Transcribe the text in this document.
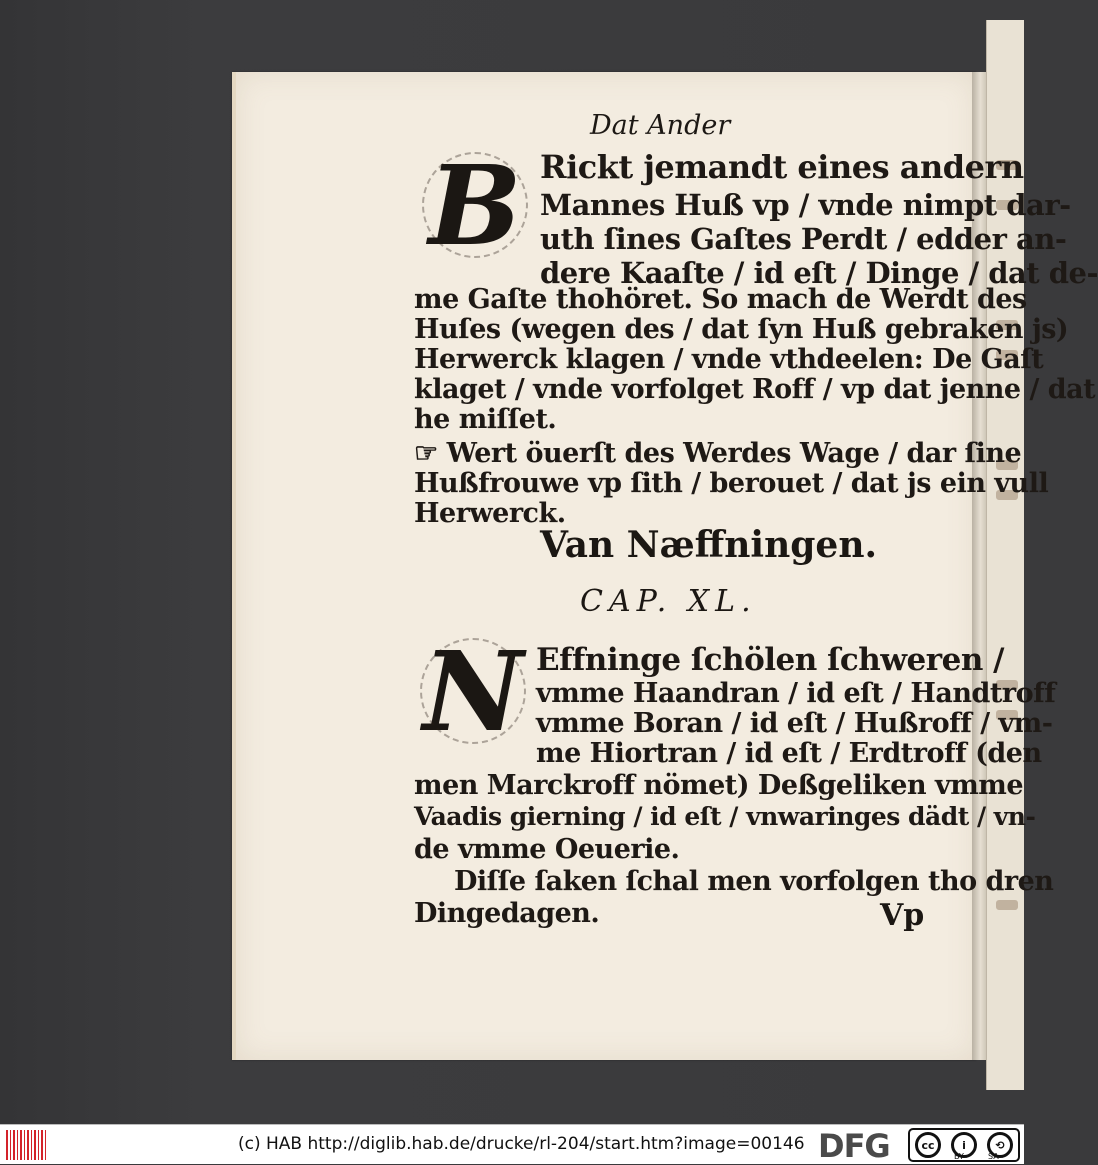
Dat Ander
B Rickt jemandt eines andern
Mannes Huß vp / vnde nimpt dar-
uth ſines Gaſtes Perdt / edder an-
dere Kaaſte / id eſt / Dinge / dat de-
me Gaſte thohöret. So mach de Werdt des
Huſes (wegen des / dat ſyn Huß gebraken js)
Herwerck klagen / vnde vthdeelen: De Gaſt
klaget / vnde vorfolget Roff / vp dat jenne / dat
he miſſet.
☞ Wert öuerſt des Werdes Wage / dar ſine
Hußfrouwe vp ſith / berouet / dat js ein vull
Herwerck.
Van Næffningen.
CAP. XL.
N Effninge ſchölen ſchweren /
vmme Haandran / id eſt / Handtroff
vmme Boran / id eſt / Hußroff / vm-
me Hiortran / id eſt / Erdtroff (den
men Marckroff nömet) Deßgeliken vmme
Vaadis gierning / id eſt / vnwaringes dädt / vn-
de vmme Oeuerie.
Diſſe ſaken ſchal men vorfolgen tho dren
Dingedagen.	Vp
(c) HAB http://diglib.hab.de/drucke/rl-204/start.htm?image=00146 DFG	cc	i	⟲
BY	SA
